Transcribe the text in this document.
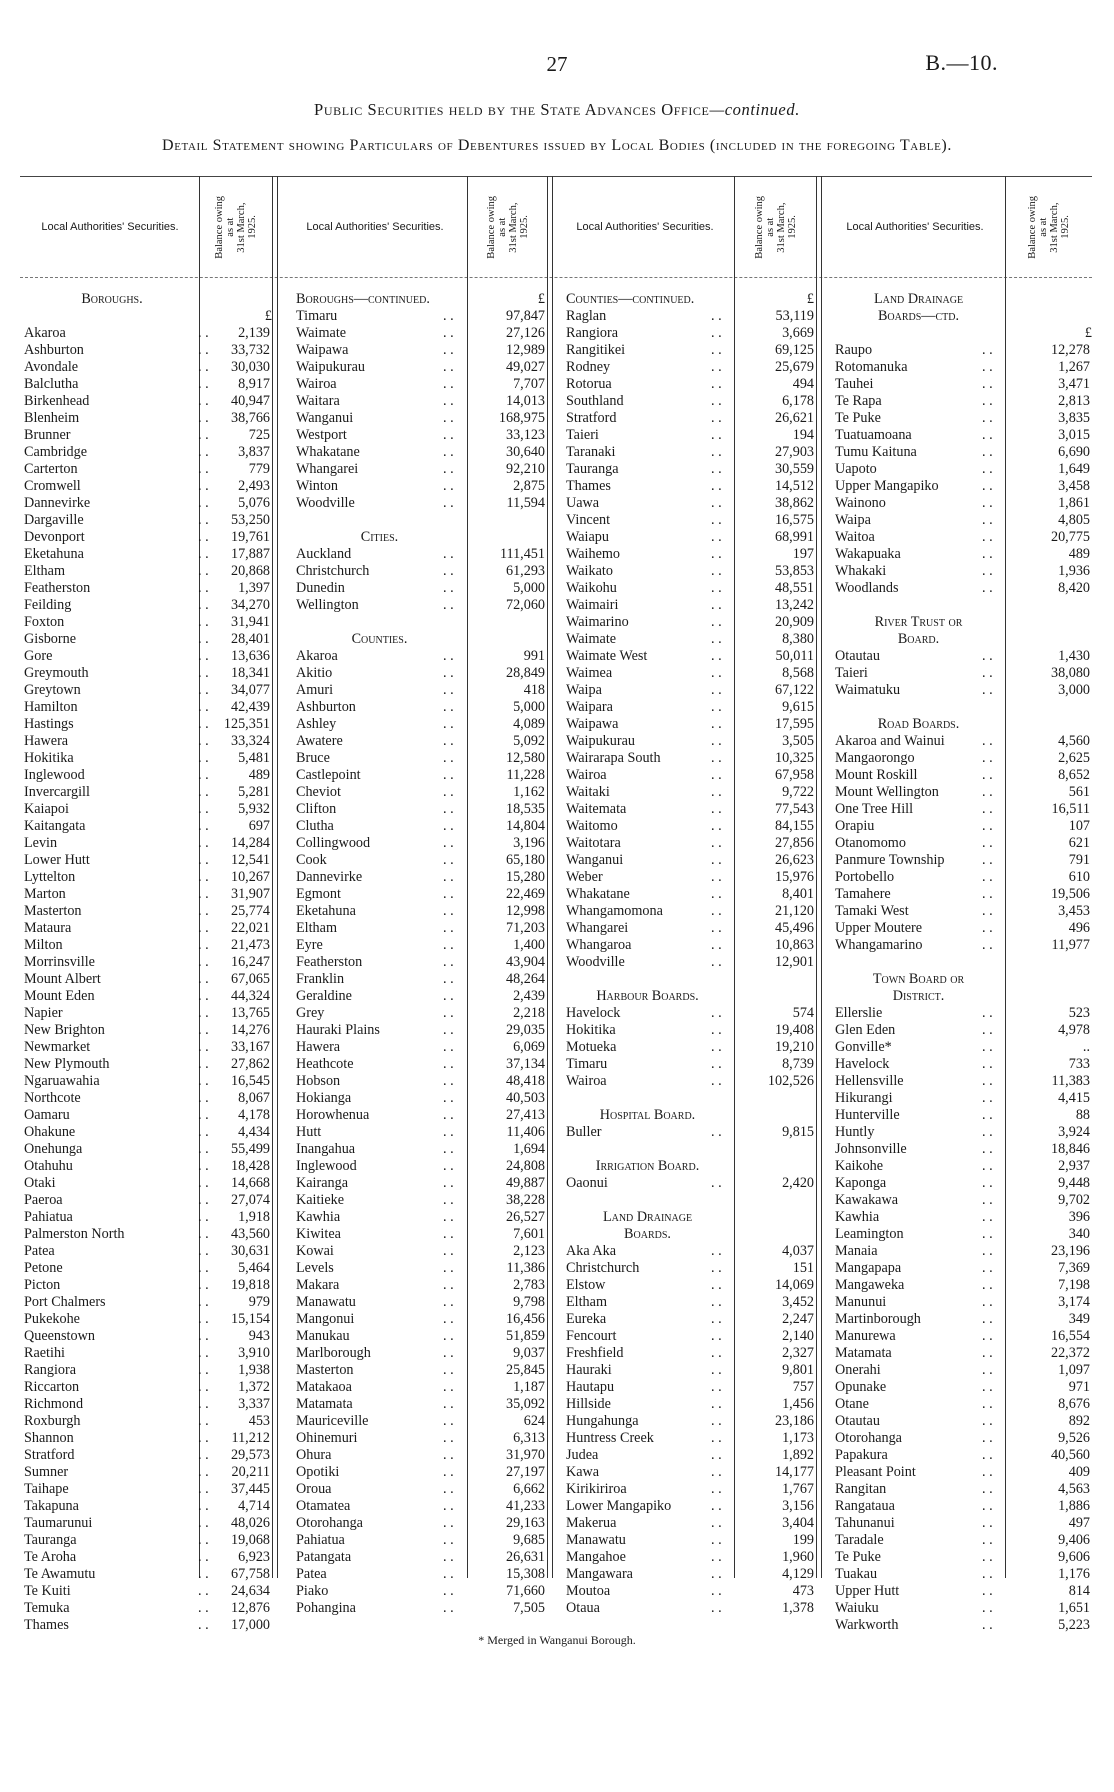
27	B.—10.
Public Securities held by the State Advances Office—continued.
Detail Statement showing Particulars of Debentures issued by Local Bodies (included in the foregoing Table).
Local Authorities' Securities.	Balance owing
as at
31st March,
1925.	Local Authorities' Securities.	Balance owing
as at
31st March,
1925.	Local Authorities' Securities.	Balance owing
as at
31st March,
1925.	Local Authorities' Securities.	Balance owing
as at
31st March,
1925.
Boroughs.
£
Akaroa	. .	2,139
Ashburton	. .	33,732
Avondale	. .	30,030
Balclutha	. .	8,917
Birkenhead	. .	40,947
Blenheim	. .	38,766
Brunner	. .	725
Cambridge	. .	3,837
Carterton	. .	779
Cromwell	. .	2,493
Dannevirke	. .	5,076
Dargaville	. .	53,250
Devonport	. .	19,761
Eketahuna	. .	17,887
Eltham	. .	20,868
Featherston	. .	1,397
Feilding	. .	34,270
Foxton	. .	31,941
Gisborne	. .	28,401
Gore	. .	13,636
Greymouth	. .	18,341
Greytown	. .	34,077
Hamilton	. .	42,439
Hastings	. .	125,351
Hawera	. .	33,324
Hokitika	. .	5,481
Inglewood	. .	489
Invercargill	. .	5,281
Kaiapoi	. .	5,932
Kaitangata	. .	697
Levin	. .	14,284
Lower Hutt	. .	12,541
Lyttelton	. .	10,267
Marton	. .	31,907
Masterton	. .	25,774
Mataura	. .	22,021
Milton	. .	21,473
Morrinsville	. .	16,247
Mount Albert	. .	67,065
Mount Eden	. .	44,324
Napier	. .	13,765
New Brighton	. .	14,276
Newmarket	. .	33,167
New Plymouth	. .	27,862
Ngaruawahia	. .	16,545
Northcote	. .	8,067
Oamaru	. .	4,178
Ohakune	. .	4,434
Onehunga	. .	55,499
Otahuhu	. .	18,428
Otaki	. .	14,668
Paeroa	. .	27,074
Pahiatua	. .	1,918
Palmerston North	. .	43,560
Patea	. .	30,631
Petone	. .	5,464
Picton	. .	19,818
Port Chalmers	. .	979
Pukekohe	. .	15,154
Queenstown	. .	943
Raetihi	. .	3,910
Rangiora	. .	1,938
Riccarton	. .	1,372
Richmond	. .	3,337
Roxburgh	. .	453
Shannon	. .	11,212
Stratford	. .	29,573
Sumner	. .	20,211
Taihape	. .	37,445
Takapuna	. .	4,714
Taumarunui	. .	48,026
Tauranga	. .	19,068
Te Aroha	. .	6,923
Te Awamutu	. .	67,758
Te Kuiti	. .	24,634
Temuka	. .	12,876
Thames	. .	17,000
Boroughs—continued.	£
Timaru	. .	97,847
Waimate	. .	27,126
Waipawa	. .	12,989
Waipukurau	. .	49,027
Wairoa	. .	7,707
Waitara	. .	14,013
Wanganui	. .	168,975
Westport	. .	33,123
Whakatane	. .	30,640
Whangarei	. .	92,210
Winton	. .	2,875
Woodville	. .	11,594
Cities.
Auckland	. .	111,451
Christchurch	. .	61,293
Dunedin	. .	5,000
Wellington	. .	72,060
Counties.
Akaroa	. .	991
Akitio	. .	28,849
Amuri	. .	418
Ashburton	. .	5,000
Ashley	. .	4,089
Awatere	. .	5,092
Bruce	. .	12,580
Castlepoint	. .	11,228
Cheviot	. .	1,162
Clifton	. .	18,535
Clutha	. .	14,804
Collingwood	. .	3,196
Cook	. .	65,180
Dannevirke	. .	15,280
Egmont	. .	22,469
Eketahuna	. .	12,998
Eltham	. .	71,203
Eyre	. .	1,400
Featherston	. .	43,904
Franklin	. .	48,264
Geraldine	. .	2,439
Grey	. .	2,218
Hauraki Plains	. .	29,035
Hawera	. .	6,069
Heathcote	. .	37,134
Hobson	. .	48,418
Hokianga	. .	40,503
Horowhenua	. .	27,413
Hutt	. .	11,406
Inangahua	. .	1,694
Inglewood	. .	24,808
Kairanga	. .	49,887
Kaitieke	. .	38,228
Kawhia	. .	26,527
Kiwitea	. .	7,601
Kowai	. .	2,123
Levels	. .	11,386
Makara	. .	2,783
Manawatu	. .	9,798
Mangonui	. .	16,456
Manukau	. .	51,859
Marlborough	. .	9,037
Masterton	. .	25,845
Matakaoa	. .	1,187
Matamata	. .	35,092
Mauriceville	. .	624
Ohinemuri	. .	6,313
Ohura	. .	31,970
Opotiki	. .	27,197
Oroua	. .	6,662
Otamatea	. .	41,233
Otorohanga	. .	29,163
Pahiatua	. .	9,685
Patangata	. .	26,631
Patea	. .	15,308
Piako	. .	71,660
Pohangina	. .	7,505
Counties—continued.	£
Raglan	. .	53,119
Rangiora	. .	3,669
Rangitikei	. .	69,125
Rodney	. .	25,679
Rotorua	. .	494
Southland	. .	6,178
Stratford	. .	26,621
Taieri	. .	194
Taranaki	. .	27,903
Tauranga	. .	30,559
Thames	. .	14,512
Uawa	. .	38,862
Vincent	. .	16,575
Waiapu	. .	68,991
Waihemo	. .	197
Waikato	. .	53,853
Waikohu	. .	48,551
Waimairi	. .	13,242
Waimarino	. .	20,909
Waimate	. .	8,380
Waimate West	. .	50,011
Waimea	. .	8,568
Waipa	. .	67,122
Waipara	. .	9,615
Waipawa	. .	17,595
Waipukurau	. .	3,505
Wairarapa South	. .	10,325
Wairoa	. .	67,958
Waitaki	. .	9,722
Waitemata	. .	77,543
Waitomo	. .	84,155
Waitotara	. .	27,856
Wanganui	. .	26,623
Weber	. .	15,976
Whakatane	. .	8,401
Whangamomona	. .	21,120
Whangarei	. .	45,496
Whangaroa	. .	10,863
Woodville	. .	12,901
Harbour Boards.
Havelock	. .	574
Hokitika	. .	19,408
Motueka	. .	19,210
Timaru	. .	8,739
Wairoa	. .	102,526
Hospital Board.
Buller	. .	9,815
Irrigation Board.
Oaonui	. .	2,420
Land Drainage
Boards.
Aka Aka	. .	4,037
Christchurch	. .	151
Elstow	. .	14,069
Eltham	. .	3,452
Eureka	. .	2,247
Fencourt	. .	2,140
Freshfield	. .	2,327
Hauraki	. .	9,801
Hautapu	. .	757
Hillside	. .	1,456
Hungahunga	. .	23,186
Huntress Creek	. .	1,173
Judea	. .	1,892
Kawa	. .	14,177
Kirikiriroa	. .	1,767
Lower Mangapiko	. .	3,156
Makerua	. .	3,404
Manawatu	. .	199
Mangahoe	. .	1,960
Mangawara	. .	4,129
Moutoa	. .	473
Otaua	. .	1,378
Land Drainage
Boards—ctd.
£
Raupo	. .	12,278
Rotomanuka	. .	1,267
Tauhei	. .	3,471
Te Rapa	. .	2,813
Te Puke	. .	3,835
Tuatuamoana	. .	3,015
Tumu Kaituna	. .	6,690
Uapoto	. .	1,649
Upper Mangapiko	. .	3,458
Wainono	. .	1,861
Waipa	. .	4,805
Waitoa	. .	20,775
Wakapuaka	. .	489
Whakaki	. .	1,936
Woodlands	. .	8,420
River Trust or
Board.
Otautau	. .	1,430
Taieri	. .	38,080
Waimatuku	. .	3,000
Road Boards.
Akaroa and Wainui	. .	4,560
Mangaorongo	. .	2,625
Mount Roskill	. .	8,652
Mount Wellington	. .	561
One Tree Hill	. .	16,511
Orapiu	. .	107
Otanomomo	. .	621
Panmure Township	. .	791
Portobello	. .	610
Tamahere	. .	19,506
Tamaki West	. .	3,453
Upper Moutere	. .	496
Whangamarino	. .	11,977
Town Board or
District.
Ellerslie	. .	523
Glen Eden	. .	4,978
Gonville*	. .	..
Havelock	. .	733
Hellensville	. .	11,383
Hikurangi	. .	4,415
Hunterville	. .	88
Huntly	. .	3,924
Johnsonville	. .	18,846
Kaikohe	. .	2,937
Kaponga	. .	9,448
Kawakawa	. .	9,702
Kawhia	. .	396
Leamington	. .	340
Manaia	. .	23,196
Mangapapa	. .	7,369
Mangaweka	. .	7,198
Manunui	. .	3,174
Martinborough	. .	349
Manurewa	. .	16,554
Matamata	. .	22,372
Onerahi	. .	1,097
Opunake	. .	971
Otane	. .	8,676
Otautau	. .	892
Otorohanga	. .	9,526
Papakura	. .	40,560
Pleasant Point	. .	409
Rangitan	. .	4,563
Rangataua	. .	1,886
Tahunanui	. .	497
Taradale	. .	9,406
Te Puke	. .	9,606
Tuakau	. .	1,176
Upper Hutt	. .	814
Waiuku	. .	1,651
Warkworth	. .	5,223
* Merged in Wanganui Borough.
